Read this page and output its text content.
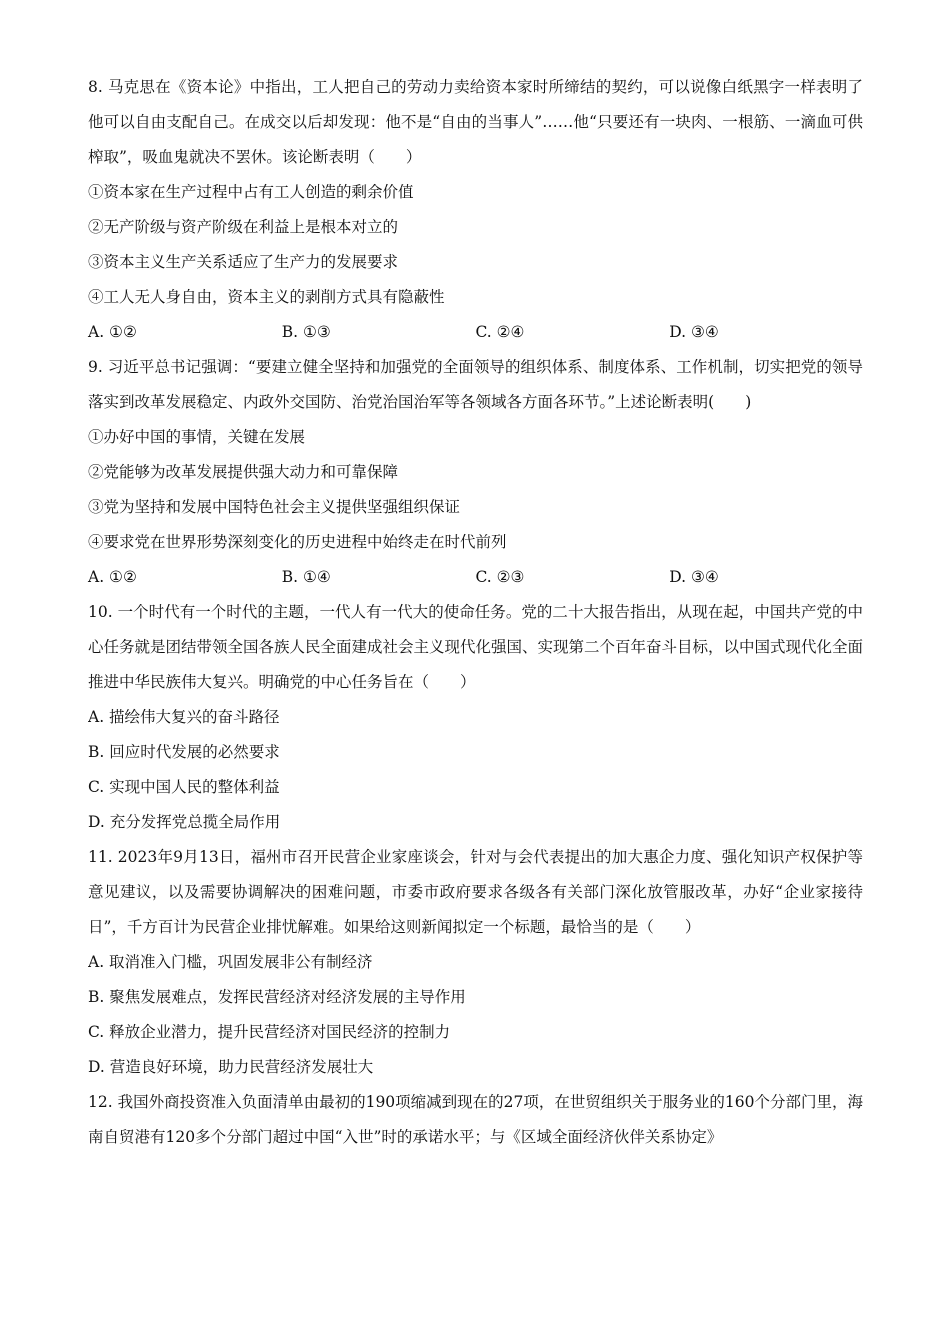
8. 马克思在《资本论》中指出，工人把自己的劳动力卖给资本家时所缔结的契约，可以说像白纸黑字一样表明了他可以自由支配自己。在成交以后却发现：他不是“自由的当事人”……他“只要还有一块肉、一根筋、一滴血可供榨取”，吸血鬼就决不罢休。该论断表明（　　）
①资本家在生产过程中占有工人创造的剩余价值
②无产阶级与资产阶级在利益上是根本对立的
③资本主义生产关系适应了生产力的发展要求
④工人无人身自由，资本主义的剥削方式具有隐蔽性
A. ①②	B. ①③	C. ②④	D. ③④
9. 习近平总书记强调：“要建立健全坚持和加强党的全面领导的组织体系、制度体系、工作机制，切实把党的领导落实到改革发展稳定、内政外交国防、治党治国治军等各领域各方面各环节。”上述论断表明(　　)
①办好中国的事情，关键在发展
②党能够为改革发展提供强大动力和可靠保障
③党为坚持和发展中国特色社会主义提供坚强组织保证
④要求党在世界形势深刻变化的历史进程中始终走在时代前列
A. ①②	B. ①④	C. ②③	D. ③④
10. 一个时代有一个时代的主题，一代人有一代大的使命任务。党的二十大报告指出，从现在起，中国共产党的中心任务就是团结带领全国各族人民全面建成社会主义现代化强国、实现第二个百年奋斗目标，以中国式现代化全面推进中华民族伟大复兴。明确党的中心任务旨在（　　）
A. 描绘伟大复兴的奋斗路径
B. 回应时代发展的必然要求
C. 实现中国人民的整体利益
D. 充分发挥党总揽全局作用
11. 2023年9月13日，福州市召开民营企业家座谈会，针对与会代表提出的加大惠企力度、强化知识产权保护等意见建议，以及需要协调解决的困难问题，市委市政府要求各级各有关部门深化放管服改革，办好“企业家接待日”，千方百计为民营企业排忧解难。如果给这则新闻拟定一个标题，最恰当的是（　　）
A. 取消准入门槛，巩固发展非公有制经济
B. 聚焦发展难点，发挥民营经济对经济发展的主导作用
C. 释放企业潜力，提升民营经济对国民经济的控制力
D. 营造良好环境，助力民营经济发展壮大
12. 我国外商投资准入负面清单由最初的190项缩减到现在的27项，在世贸组织关于服务业的160个分部门里，海南自贸港有120多个分部门超过中国“入世”时的承诺水平；与《区域全面经济伙伴关系协定》
